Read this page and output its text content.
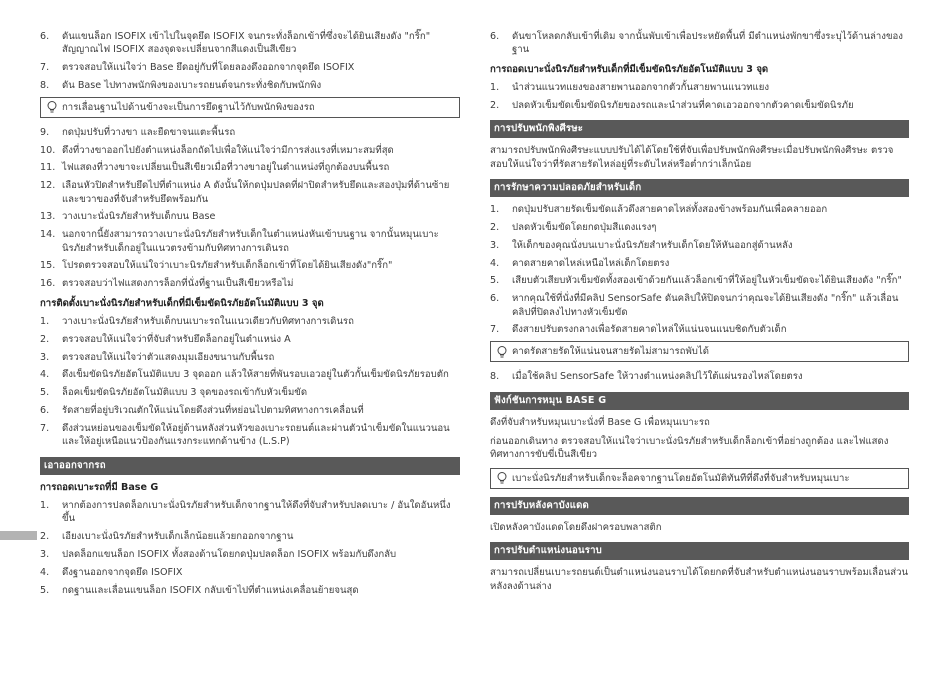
6.	ดันแขนล็อก ISOFIX เข้าไปในจุดยึด ISOFIX จนกระทั่งล็อกเข้าที่ซึ่งจะได้ยินเสียงดัง "กริ๊ก" สัญญาณไฟ ISOFIX สองจุดจะเปลี่ยนจากสีแดงเป็นสีเขียว
7.	ตรวจสอบให้แน่ใจว่า Base ยึดอยู่กับที่โดยลองดึงออกจากจุดยึด ISOFIX
8.	ดัน Base ไปทางพนักพิงของเบาะรถยนต์จนกระทั่งชิดกับพนักพิง
การเลื่อนฐานไปด้านข้างจะเป็นการยึดฐานไว้กับพนักพิงของรถ
9.	กดปุ่มปรับที่วางขา และยืดขาจนแตะพื้นรถ
10. ดึงที่วางขาออกไปยังตำแหน่งล็อกถัดไปเพื่อให้แน่ใจว่ามีการส่งแรงที่เหมาะสมที่สุด
11. ไฟแสดงที่วางขาจะเปลี่ยนเป็นสีเขียวเมื่อที่วางขาอยู่ในตำแหน่งที่ถูกต้องบนพื้นรถ
12. เลือนหัวปิดสำหรับยึดไปที่ตำแหน่ง A ดังนั้นให้กดปุ่มปลดที่ฝาปิดสำหรับยึดและสองปุ่มที่ด้านซ้ายและขวาของที่จับสำหรับยึดพร้อมกัน
13. วางเบาะนั่งนิรภัยสำหรับเด็กบน Base
14. นอกจากนี้ยังสามารถวางเบาะนั่งนิรภัยสำหรับเด็กในตำแหน่งหันเข้าบนฐาน จากนั้นหมุนเบาะนิรภัยสำหรับเด็กอยู่ในแนวตรงข้ามกับทิศทางการเดินรถ
15. โปรดตรวจสอบให้แน่ใจว่าเบาะนิรภัยสำหรับเด็กล็อกเข้าที่โดยได้ยินเสียงดัง"กริ๊ก"
16. ตรวจสอบว่าไฟแสดงการล็อกที่นั่งที่ฐานเป็นสีเขียวหรือไม่
การติดตั้งเบาะนั่งนิรภัยสำหรับเด็กที่มีเข็มขัดนิรภัยอัตโนมัติแบบ 3 จุด
1.	วางเบาะนั่งนิรภัยสำหรับเด็กบนเบาะรถในแนวเดียวกับทิศทางการเดินรถ
2.	ตรวจสอบให้แน่ใจว่าที่จับสำหรับยึดล็อกอยู่ในตำแหน่ง A
3.	ตรวจสอบให้แน่ใจว่าตัวแสดงมุมเอียงขนานกับพื้นรถ
4.	ดึงเข็มขัดนิรภัยอัตโนมัติแบบ 3 จุดออก แล้วให้สายที่พันรอบเอวอยู่ในตัวกั้นเข็มขัดนิรภัยรอบตัก
5.	ล็อคเข็มขัดนิรภัยอัตโนมัติแบบ 3 จุดของรถเข้ากับหัวเข็มขัด
6.	รัดสายที่อยู่บริเวณตักให้แน่นโดยดึงส่วนที่หย่อนไปตามทิศทางการเคลื่อนที่
7.	ดึงส่วนหย่อนของเข็มขัดให้อยู่ด้านหลังส่วนหัวของเบาะรถยนต์และผ่านตัวนำเข็มขัดในแนวนอน และให้อยู่เหนือแนวป้องกันแรงกระแทกด้านข้าง (L.S.P)
เอาออกจากรถ
การถอดเบาะรถที่มี Base G
1.	หากต้องการปลดล็อกเบาะนั่งนิรภัยสำหรับเด็กจากฐานให้ดึงที่จับสำหรับปลดเบาะ / อันใดอันหนึ่งขึ้น
2.	เอียงเบาะนั่งนิรภัยสำหรับเด็กเล็กน้อยแล้วยกออกจากฐาน
3.	ปลดล็อกแขนล็อก ISOFIX ทั้งสองด้านโดยกดปุ่มปลดล็อก ISOFIX พร้อมกับดึงกลับ
4.	ดึงฐานออกจากจุดยึด ISOFIX
5.	กดฐานและเลื่อนแขนล็อก ISOFIX กลับเข้าไปที่ตำแหน่งเคลื่อนย้ายจนสุด
6.	ดันขาโหลดกลับเข้าที่เดิม จากนั้นพับเข้าเพื่อประหยัดพื้นที่ มีตำแหน่งพักขาซึ่งระบุไว้ด้านล่างของฐาน
การถอดเบาะนั่งนิรภัยสำหรับเด็กที่มีเข็มขัดนิรภัยอัตโนมัติแบบ 3 จุด
1.	นำส่วนแนวทแยงของสายพานออกจากตัวกั้นสายพานแนวทแยง
2.	ปลดหัวเข็มขัดเข็มขัดนิรภัยของรถและนำส่วนที่คาดเอวออกจากตัวคาดเข็มขัดนิรภัย
การปรับพนักพิงศีรษะ

สามารถปรับพนักพิงศีรษะแบบปรับได้ได้โดยใช้ที่จับเพื่อปรับพนักพิงศีรษะเมื่อปรับพนักพิงศีรษะ ตรวจสอบให้แน่ใจว่าที่รัดสายรัดไหล่อยู่ที่ระดับไหล่หรือต่ำกว่าเล็กน้อย

การรักษาความปลอดภัยสำหรับเด็ก
1.	กดปุ่มปรับสายรัดเข็มขัดแล้วดึงสายคาดไหล่ทั้งสองข้างพร้อมกันเพื่อคลายออก
2.	ปลดหัวเข็มขัดโดยกดปุ่มสีแดงแรงๆ
3.	ให้เด็กของคุณนั่งบนเบาะนั่งนิรภัยสำหรับเด็กโดยให้หันออกสู่ด้านหลัง
4.	คาดสายคาดไหล่เหนือไหล่เด็กโดยตรง
5.	เสียบตัวเสียบหัวเข็มขัดทั้งสองเข้าด้วยกันแล้วล็อกเข้าที่ให้อยู่ในหัวเข็มขัดจะได้ยินเสียงดัง "กริ๊ก"
6.	หากคุณใช้ที่นั่งที่มีคลิป SensorSafe ดันคลิปให้ปิดจนกว่าคุณจะได้ยินเสียงดัง "กริ๊ก" แล้วเลื่อนคลิปที่ปิดลงไปทางหัวเข็มขัด
7.	ดึงสายปรับตรงกลางเพื่อรัดสายคาดไหล่ให้แน่นจนแนบชิดกับตัวเด็ก
คาดรัดสายรัดให้แน่นจนสายรัดไม่สามารถพับได้
8.	เมื่อใช้คลิป SensorSafe ให้วางตำแหน่งคลิปไว้ใต้แผ่นรองไหล่โดยตรง
ฟังก์ชันการหมุน BASE G

ดึงที่จับสำหรับหมุนเบาะนั่งที่ Base G เพื่อหมุนเบาะรถ

ก่อนออกเดินทาง ตรวจสอบให้แน่ใจว่าเบาะนั่งนิรภัยสำหรับเด็กล็อกเข้าที่อย่างถูกต้อง และไฟแสดงทิศทางการขับขี่เป็นสีเขียว

เบาะนั่งนิรภัยสำหรับเด็กจะล็อคจากฐานโดยอัตโนมัติทันทีที่ดึงที่จับสำหรับหมุนเบาะ
การปรับหลังคาบังแดด

เปิดหลังคาบังแดดโดยดึงฝาครอบพลาสติก

การปรับตำแหน่งนอนราบ

สามารถเปลี่ยนเบาะรถยนต์เป็นตำแหน่งนอนราบได้โดยกดที่จับสำหรับตำแหน่งนอนราบพร้อมเลื่อนส่วนหลังลงด้านล่าง
